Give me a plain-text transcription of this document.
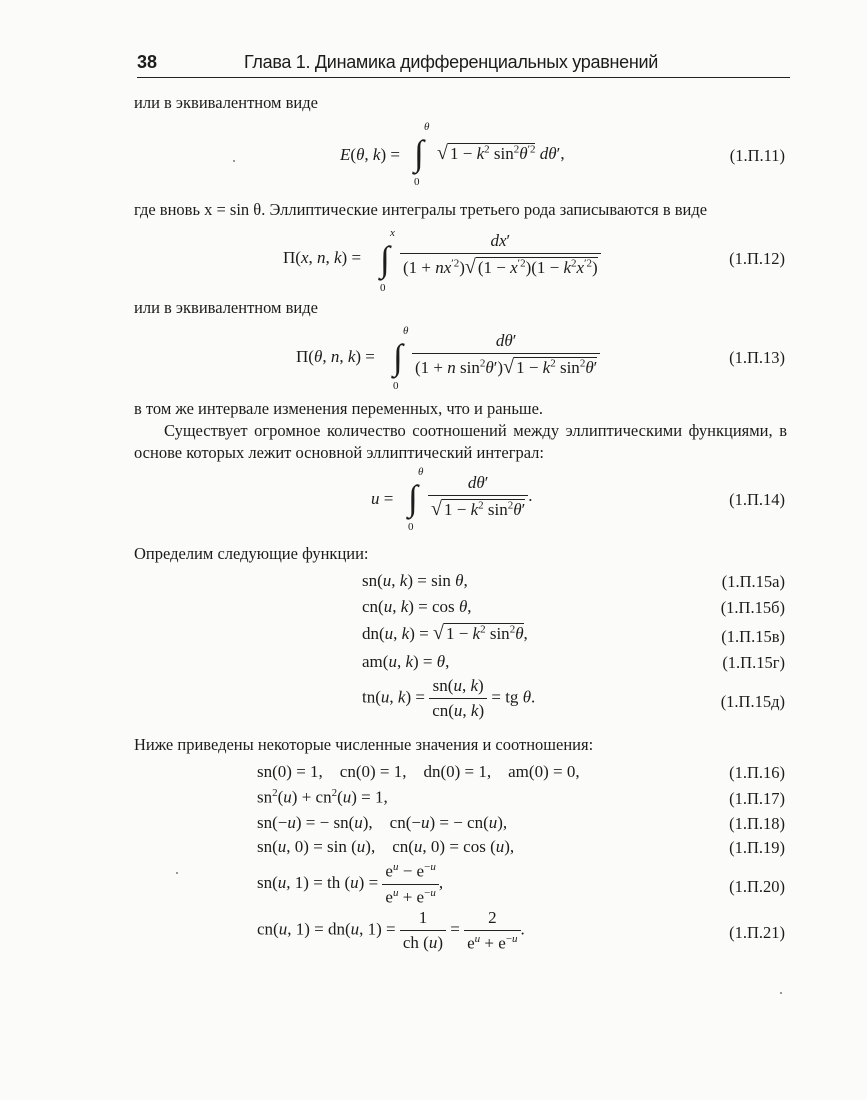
38	Глава 1. Динамика дифференциальных уравнений
или в эквивалентном виде
θ
∫
0
E(θ, k) = √ $1 - k^2$ $\sin^2\theta^{'2}$ dθ′,	(1.П.11)
где вновь x = sin θ. Эллиптические интегралы третьего рода записываются в виде
x
∫
0
Π(x, n, $k) = \frac{dx'}{(1 + nx^{'2})√ (1 - x^{'2})(1 - k^2x^{'2})}$	(1.П.12)
или в эквивалентном виде
θ
∫
0
Π(θ, n, $k) = \frac{d\theta'}{(1 + n \sin^2\theta')√ 1 - k^2 \sin^2\theta'}$	(1.П.13)
в том же интервале изменения переменных, что и раньше.
Существует огромное количество соотношений между эллиптическими функциями, в основе которых лежит основной эллиптический интеграл:
θ
∫
0
$u = \frac{d\theta'}{√ 1 - k^2 \sin^2\theta'}$ .	(1.П.14)
Определим следующие функции:
sn(u, k) = sin θ,	(1.П.15а)
cn(u, k) = cos θ,	(1.П.15б)
dn(u, k) = √ $1 - k^2$ $\sin^2\theta$,	(1.П.15в)
am(u, k) = θ,	(1.П.15г)
tn(u, $k) = \frac{sn(u, k)}{cn(u, k)}$ = tg θ.	(1.П.15д)
Ниже приведены некоторые численные значения и соотношения:
sn(0) = 1,    cn(0) = 1,    dn(0) = 1,    am(0) = 0,	(1.П.16)
$sn^2(u) + cn^2(u) = 1$,	(1.П.17)
sn(−u) = − sn(u),    cn(−u) = − cn(u),	(1.П.18)
sn(u, 0) = sin (u),    cn(u, 0) = cos (u),	(1.П.19)
sn(u, 1) = th $(u) = \frac{e^u - e^{-u}}{e^u + e^{-u}}$ ,	(1.П.20)
cn(u, 1) = dn(u, $1) = \frac{1}{ch (u)} = \frac{2}{e^u + e^{-u}}$ .	(1.П.21)
